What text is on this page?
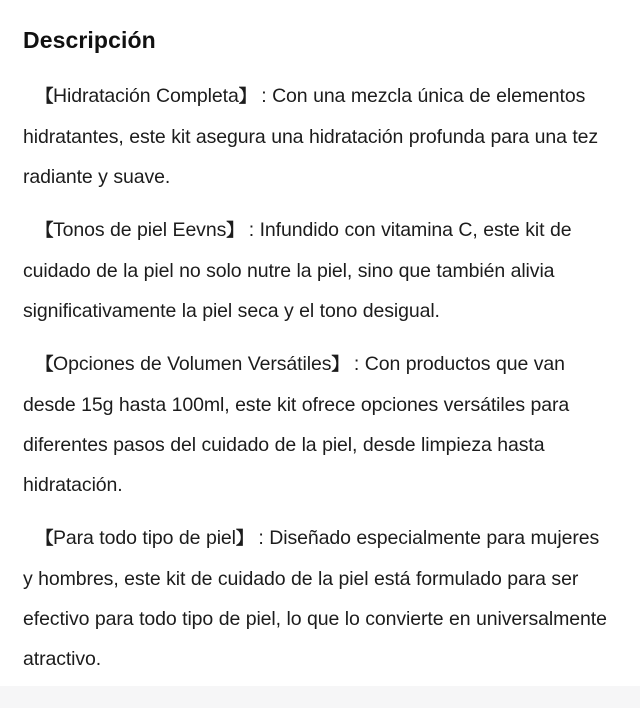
Descripción
【Hidratación Completa】 : Con una mezcla única de elementos hidratantes, este kit asegura una hidratación profunda para una tez radiante y suave.
【Tonos de piel Eevns】 : Infundido con vitamina C, este kit de cuidado de la piel no solo nutre la piel, sino que también alivia significativamente la piel seca y el tono desigual.
【Opciones de Volumen Versátiles】 : Con productos que van desde 15g hasta 100ml, este kit ofrece opciones versátiles para diferentes pasos del cuidado de la piel, desde limpieza hasta hidratación.
【Para todo tipo de piel】 : Diseñado especialmente para mujeres y hombres, este kit de cuidado de la piel está formulado para ser efectivo para todo tipo de piel, lo que lo convierte en universalmente atractivo.
